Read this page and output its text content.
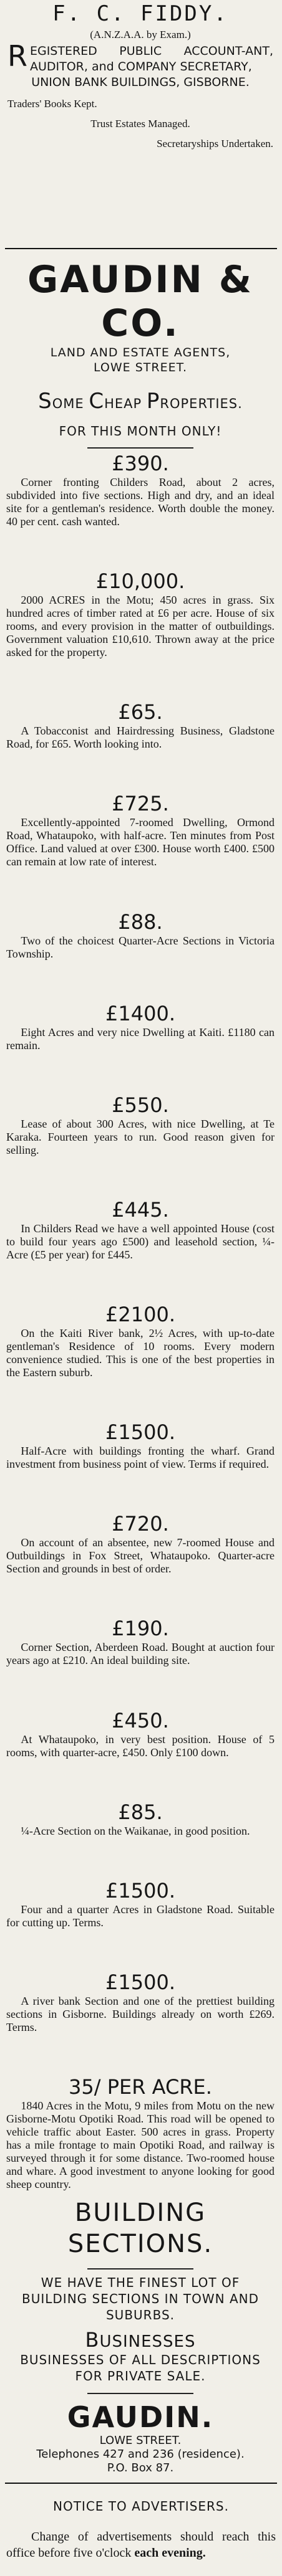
F. C. FIDDY.
(A.N.Z.A.A. by Exam.)
REGISTERED PUBLIC ACCOUNT-ANT, AUDITOR, and COMPANY SECRETARY,
UNION BANK BUILDINGS, GISBORNE.
Traders' Books Kept.
Trust Estates Managed.
Secretaryships Undertaken.
GAUDIN & CO.
LAND AND ESTATE AGENTS,
LOWE STREET.
SOME CHEAP PROPERTIES.
FOR THIS MONTH ONLY!
£390.
Corner fronting Childers Road, about 2 acres, subdivided into five sections. High and dry, and an ideal site for a gentleman's residence. Worth double the money. 40 per cent. cash wanted.
£10,000.
2000 ACRES in the Motu; 450 acres in grass. Six hundred acres of timber rated at £6 per acre. House of six rooms, and every provision in the matter of outbuildings. Government valuation £10,610. Thrown away at the price asked for the property.
£65.
A Tobacconist and Hairdressing Business, Gladstone Road, for £65. Worth looking into.
£725.
Excellently-appointed 7-roomed Dwelling, Ormond Road, Whataupoko, with half-acre. Ten minutes from Post Office. Land valued at over £300. House worth £400. £500 can remain at low rate of interest.
£88.
Two of the choicest Quarter-Acre Sections in Victoria Township.
£1400.
Eight Acres and very nice Dwelling at Kaiti. £1180 can remain.
£550.
Lease of about 300 Acres, with nice Dwelling, at Te Karaka. Fourteen years to run. Good reason given for selling.
£445.
In Childers Read we have a well appointed House (cost to build four years ago £500) and leasehold section, ¼-Acre (£5 per year) for £445.
£2100.
On the Kaiti River bank, 2½ Acres, with up-to-date gentleman's Residence of 10 rooms. Every modern convenience studied. This is one of the best properties in the Eastern suburb.
£1500.
Half-Acre with buildings fronting the wharf. Grand investment from business point of view. Terms if required.
£720.
On account of an absentee, new 7-roomed House and Outbuildings in Fox Street, Whataupoko. Quarter-acre Section and grounds in best of order.
£190.
Corner Section, Aberdeen Road. Bought at auction four years ago at £210. An ideal building site.
£450.
At Whataupoko, in very best position. House of 5 rooms, with quarter-acre, £450. Only £100 down.
£85.
¼-Acre Section on the Waikanae, in good position.
£1500.
Four and a quarter Acres in Gladstone Road. Suitable for cutting up. Terms.
£1500.
A river bank Section and one of the prettiest building sections in Gisborne. Buildings already on worth £269. Terms.
35/ PER ACRE.
1840 Acres in the Motu, 9 miles from Motu on the new Gisborne-Motu Opotiki Road. This road will be opened to vehicle traffic about Easter. 500 acres in grass. Property has a mile frontage to main Opotiki Road, and railway is surveyed through it for some distance. Two-roomed house and whare. A good investment to anyone looking for good sheep country.
BUILDING SECTIONS.
WE HAVE THE FINEST LOT OF BUILDING SECTIONS IN TOWN AND SUBURBS.
BUSINESSES
BUSINESSES OF ALL DESCRIPTIONS FOR PRIVATE SALE.
GAUDIN.
LOWE STREET.
Telephones 427 and 236 (residence).
P.O. Box 87.
NOTICE TO ADVERTISERS.
Change of advertisements should reach this office before five o'clock each evening.
